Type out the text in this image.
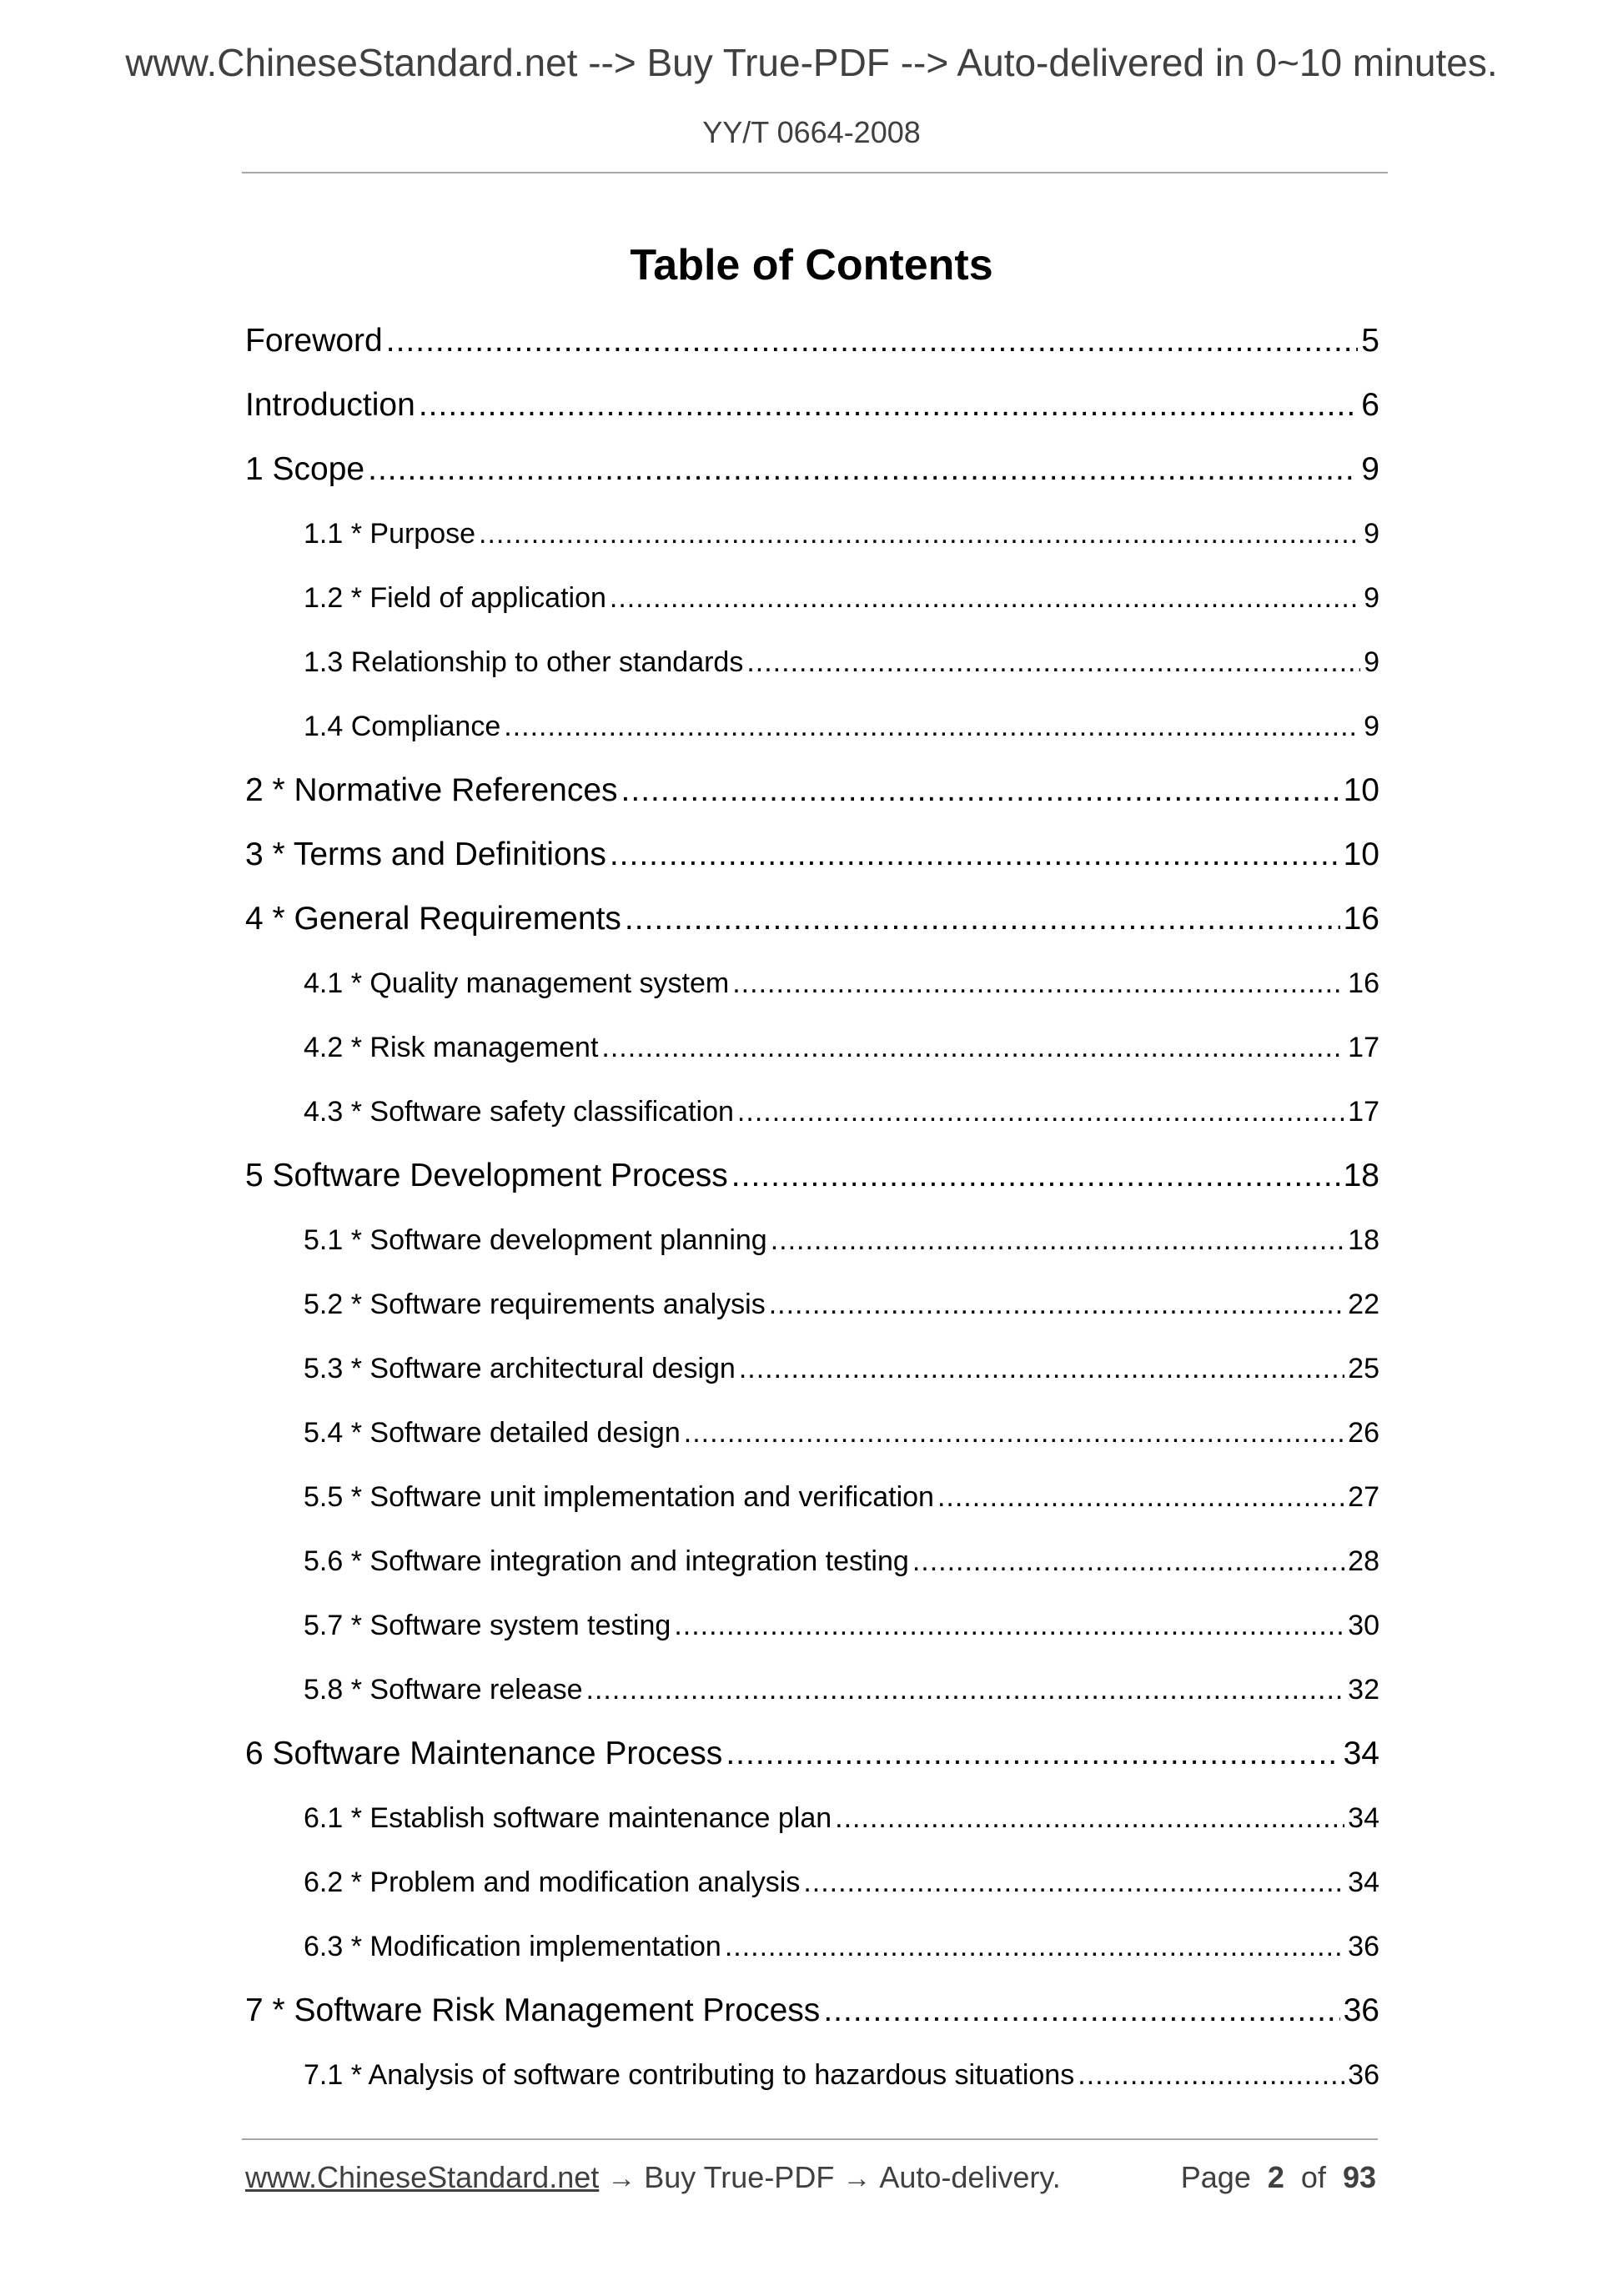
www.ChineseStandard.net --> Buy True-PDF --> Auto-delivered in 0~10 minutes.
YY/T 0664-2008
Table of Contents
Foreword .....	5
Introduction .....	6
1 Scope .....	9
1.1 * Purpose .....	9
1.2 * Field of application .....	9
1.3 Relationship to other standards .....	9
1.4 Compliance .....	9
2 * Normative References .....	10
3 * Terms and Definitions .....	10
4 * General Requirements .....	16
4.1 * Quality management system .....	16
4.2 * Risk management .....	17
4.3 * Software safety classification .....	17
5 Software Development Process .....	18
5.1 * Software development planning .....	18
5.2 * Software requirements analysis .....	22
5.3 * Software architectural design .....	25
5.4 * Software detailed design .....	26
5.5 * Software unit implementation and verification .....	27
5.6 * Software integration and integration testing .....	28
5.7 * Software system testing .....	30
5.8 * Software release .....	32
6 Software Maintenance Process .....	34
6.1 * Establish software maintenance plan .....	34
6.2 * Problem and modification analysis .....	34
6.3 * Modification implementation .....	36
7 * Software Risk Management Process .....	36
7.1 * Analysis of software contributing to hazardous situations .....	36
www.ChineseStandard.net → Buy True-PDF → Auto-delivery.	Page 2 of 93
